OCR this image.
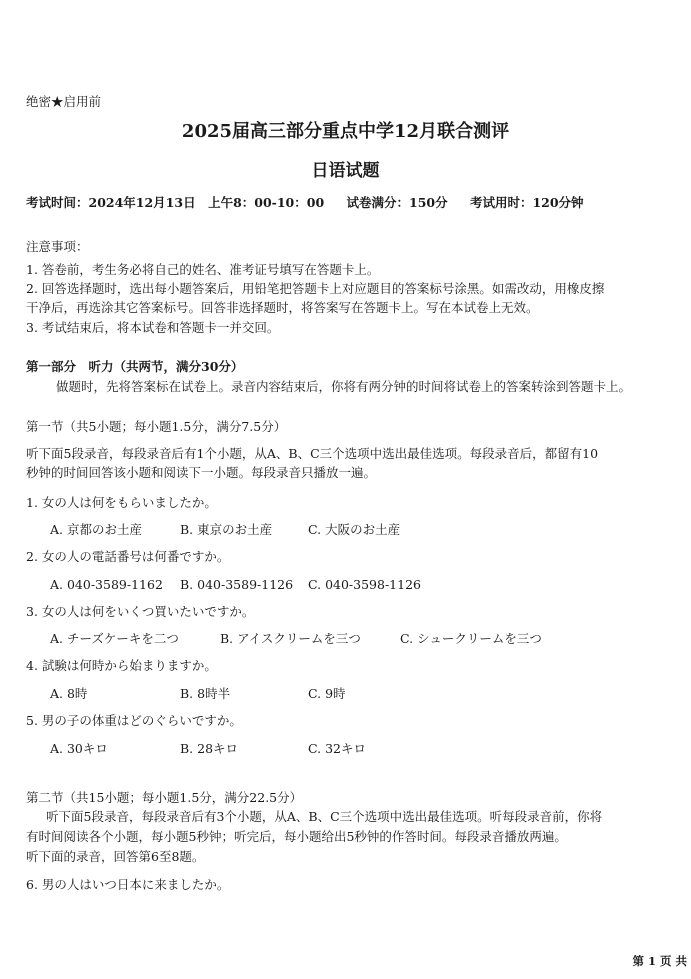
绝密★启用前
2025届高三部分重点中学12月联合测评
日语试题
考试时间：2024年12月13日　上午8：00-10：00 试卷满分：150分 考试用时：120分钟
注意事项：
1. 答卷前，考生务必将自己的姓名、准考证号填写在答题卡上。
2. 回答选择题时，选出每小题答案后，用铅笔把答题卡上对应题目的答案标号涂黑。如需改动，用橡皮擦
干净后，再选涂其它答案标号。回答非选择题时，将答案写在答题卡上。写在本试卷上无效。
3. 考试结束后，将本试卷和答题卡一并交回。
第一部分　听力（共两节，满分30分）
做题时，先将答案标在试卷上。录音内容结束后，你将有两分钟的时间将试卷上的答案转涂到答题卡上。
第一节（共5小题；每小题1.5分，满分7.5分）
听下面5段录音，每段录音后有1个小题，从A、B、C三个选项中选出最佳选项。每段录音后，都留有10
秒钟的时间回答该小题和阅读下一小题。每段录音只播放一遍。
1. 女の人は何をもらいましたか。
A. 京都のお土産	B. 東京のお土産	C. 大阪のお土産
2. 女の人の電話番号は何番ですか。
A. 040-3589-1162	B. 040-3589-1126	C. 040-3598-1126
3. 女の人は何をいくつ買いたいですか。
A. チーズケーキを二つ	B. アイスクリームを三つ	C. シュークリームを三つ
4. 試験は何時から始まりますか。
A. 8時	B. 8時半	C. 9時
5. 男の子の体重はどのぐらいですか。
A. 30キロ	B. 28キロ	C. 32キロ
第二节（共15小题；每小题1.5分，满分22.5分）
听下面5段录音，每段录音后有3个小题，从A、B、C三个选项中选出最佳选项。听每段录音前，你将
有时间阅读各个小题，每小题5秒钟；听完后，每小题给出5秒钟的作答时间。每段录音播放两遍。
听下面的录音，回答第6至8题。
6. 男の人はいつ日本に来ましたか。
第 1 页 共
